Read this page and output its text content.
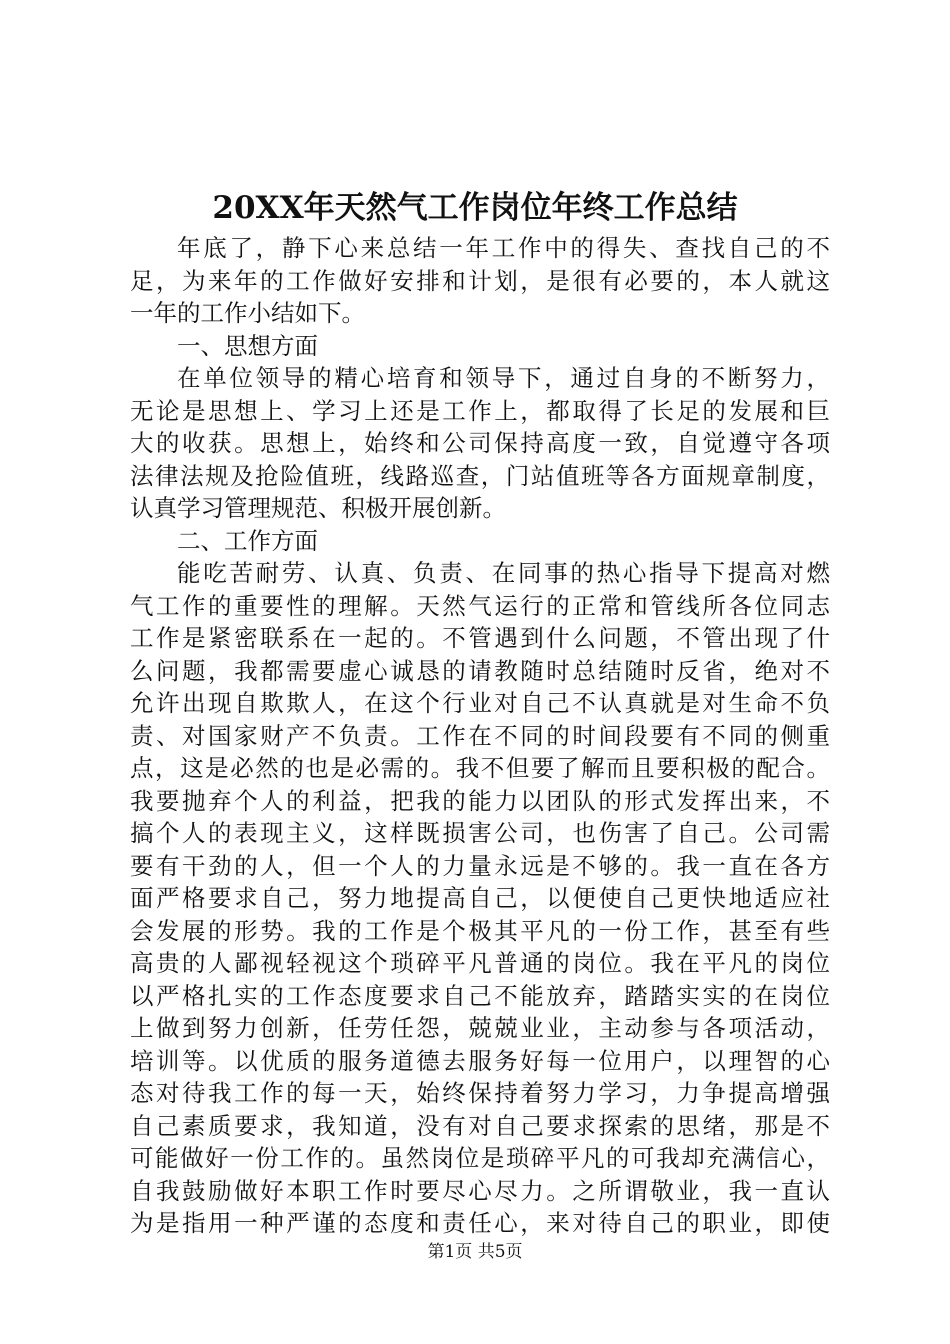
20XX年天然气工作岗位年终工作总结
年底了，静下心来总结一年工作中的得失、查找自己的不
足，为来年的工作做好安排和计划，是很有必要的，本人就这
一年的工作小结如下。
一、思想方面
在单位领导的精心培育和领导下，通过自身的不断努力，
无论是思想上、学习上还是工作上，都取得了长足的发展和巨
大的收获。思想上，始终和公司保持高度一致，自觉遵守各项
法律法规及抢险值班，线路巡查，门站值班等各方面规章制度，
认真学习管理规范、积极开展创新。
二、工作方面
能吃苦耐劳、认真、负责、在同事的热心指导下提高对燃
气工作的重要性的理解。天然气运行的正常和管线所各位同志
工作是紧密联系在一起的。不管遇到什么问题，不管出现了什
么问题，我都需要虚心诚恳的请教随时总结随时反省，绝对不
允许出现自欺欺人，在这个行业对自己不认真就是对生命不负
责、对国家财产不负责。工作在不同的时间段要有不同的侧重
点，这是必然的也是必需的。我不但要了解而且要积极的配合。
我要抛弃个人的利益，把我的能力以团队的形式发挥出来，不
搞个人的表现主义，这样既损害公司，也伤害了自己。公司需
要有干劲的人，但一个人的力量永远是不够的。我一直在各方
面严格要求自己，努力地提高自己，以便使自己更快地适应社
会发展的形势。我的工作是个极其平凡的一份工作，甚至有些
高贵的人鄙视轻视这个琐碎平凡普通的岗位。我在平凡的岗位
以严格扎实的工作态度要求自己不能放弃，踏踏实实的在岗位
上做到努力创新，任劳任怨，兢兢业业，主动参与各项活动，
培训等。以优质的服务道德去服务好每一位用户，以理智的心
态对待我工作的每一天，始终保持着努力学习，力争提高增强
自己素质要求，我知道，没有对自己要求探索的思绪，那是不
可能做好一份工作的。虽然岗位是琐碎平凡的可我却充满信心，
自我鼓励做好本职工作时要尽心尽力。之所谓敬业，我一直认
为是指用一种严谨的态度和责任心，来对待自己的职业，即使
第1页 共5页
